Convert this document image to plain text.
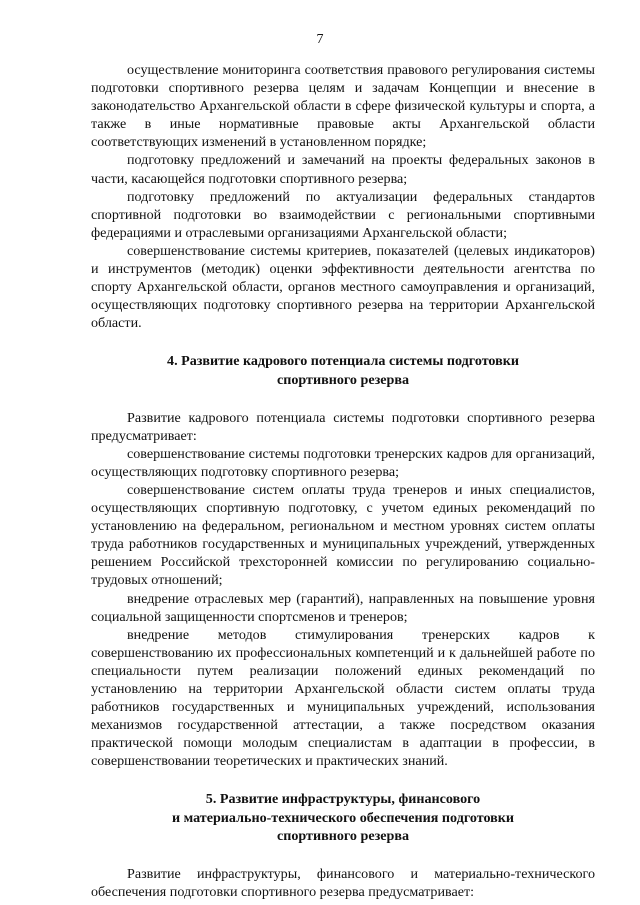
7

осуществление мониторинга соответствия правового регулирования системы подготовки спортивного резерва целям и задачам Концепции и внесение в законодательство Архангельской области в сфере физической культуры и спорта, а также в иные нормативные правовые акты Архангельской области соответствующих изменений в установленном порядке;

подготовку предложений и замечаний на проекты федеральных законов в части, касающейся подготовки спортивного резерва;

подготовку предложений по актуализации федеральных стандартов спортивной подготовки во взаимодействии с региональными спортивными федерациями и отраслевыми организациями Архангельской области;

совершенствование системы критериев, показателей (целевых индикаторов) и инструментов (методик) оценки эффективности деятельности агентства по спорту Архангельской области, органов местного самоуправления и организаций, осуществляющих подготовку спортивного резерва на территории Архангельской области.

4. Развитие кадрового потенциала системы подготовки
спортивного резерва

Развитие кадрового потенциала системы подготовки спортивного резерва предусматривает:

совершенствование системы подготовки тренерских кадров для организаций, осуществляющих подготовку спортивного резерва;

совершенствование систем оплаты труда тренеров и иных специалистов, осуществляющих спортивную подготовку, с учетом единых рекомендаций по установлению на федеральном, региональном и местном уровнях систем оплаты труда работников государственных и муниципальных учреждений, утвержденных решением Российской трехсторонней комиссии по регулированию социально-трудовых отношений;

внедрение отраслевых мер (гарантий), направленных на повышение уровня социальной защищенности спортсменов и тренеров;

внедрение методов стимулирования тренерских кадров к совершенствованию их профессиональных компетенций и к дальнейшей работе по специальности путем реализации положений единых рекомендаций по установлению на территории Архангельской области систем оплаты труда работников государственных и муниципальных учреждений, использования механизмов государственной аттестации, а также посредством оказания практической помощи молодым специалистам в адаптации в профессии, в совершенствовании теоретических и практических знаний.

5. Развитие инфраструктуры, финансового
и материально-технического обеспечения подготовки
спортивного резерва

Развитие инфраструктуры, финансового и материально-технического обеспечения подготовки спортивного резерва предусматривает:
